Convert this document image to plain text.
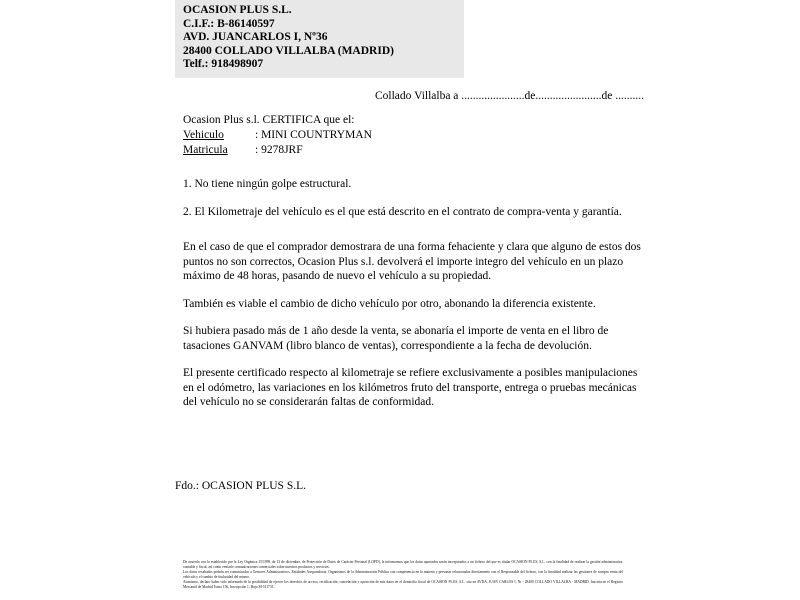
OCASION PLUS S.L.
C.I.F.: B-86140597
AVD. JUANCARLOS I, Nº36
28400 COLLADO VILLALBA (MADRID)
Telf.: 918498907
Collado Villalba a ......................de.......................de ..........
Ocasion Plus s.l. CERTIFICA que el:
Vehiculo	: MINI COUNTRYMAN
Matricula	: 9278JRF
1. No tiene ningún golpe estructural.
2. El Kilometraje del vehículo es el que está descrito en el contrato de compra-venta y garantía.

En el caso de que el comprador demostrara de una forma fehaciente y clara que alguno de estos dos puntos no son correctos, Ocasion Plus s.l. devolverá el importe integro del vehículo en un plazo máximo de 48 horas, pasando de nuevo el vehículo a su propiedad.

También es viable el cambio de dicho vehículo por otro, abonando la diferencia existente.

Si hubiera pasado más de 1 año desde la venta, se abonaría el importe de venta en el libro de tasaciones GANVAM (libro blanco de ventas), correspondiente a la fecha de devolución.

El presente certificado respecto al kilometraje se refiere exclusivamente a posibles manipulaciones en el odómetro, las variaciones en los kilómetros fruto del transporte, entrega o pruebas mecánicas del vehículo no se considerarán faltas de conformidad.

Fdo.: OCASION PLUS S.L.

De acuerdo con lo establecido por la Ley Orgánica 15/1999, de 13 de diciembre, de Protección de Datos de Carácter Personal (LOPD), le informamos que los datos aportados serán incorporados a un fichero del que es titular OCASION PLUS, S.L. con la finalidad de realizar la gestión administrativa, contable y fiscal, así como enviarle comunicaciones comerciales sobre nuestros productos y servicios.

Los datos recabados podrán ser comunicados a Gestores Administrativos, Entidades Aseguradoras, Organismos de la Administración Pública con competencia en la materia y personas relacionadas directamente con el Responsable del fichero, con la finalidad realizar las gestiones de compra venta del vehículo y el cambio de titularidad del mismo.

Asimismo, declaro haber sido informado de la posibilidad de ejercer los derechos de acceso, rectificación, cancelación y oposición de mis datos en el domicilio fiscal de OCASION PLUS, S.L. sito en AVDA. JUAN CARLOS I, Nr - 28400 COLLADO VILLALBA - MADRID. Inscrita en el Registro Mercantil de Madrid Tomo 156, Inscripción 1, Hoja M-511731.
